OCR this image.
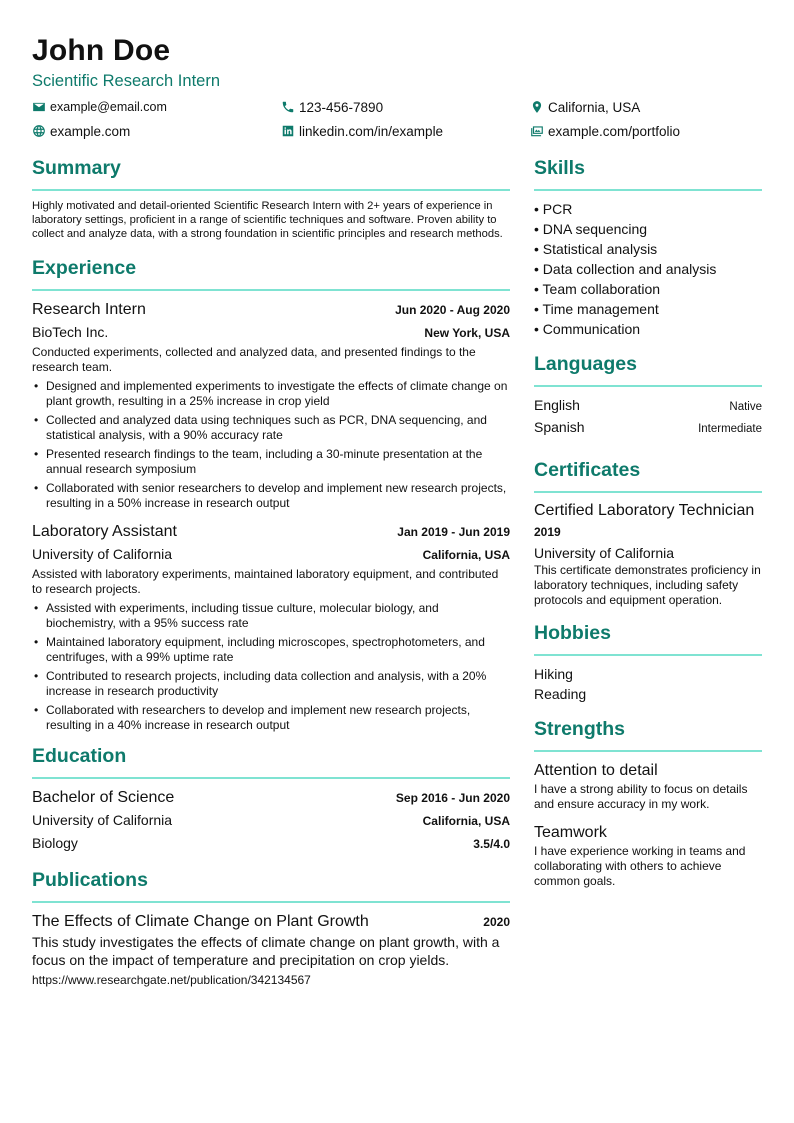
John Doe
Scientific Research Intern
example@email.com	123-456-7890	California, USA
example.com	linkedin.com/in/example	example.com/portfolio
Summary

Highly motivated and detail-oriented Scientific Research Intern with 2+ years of experience in laboratory settings, proficient in a range of scientific techniques and software. Proven ability to collect and analyze data, with a strong foundation in scientific principles and research methods.

Experience
Research Intern	Jun 2020 - Aug 2020
BioTech Inc.	New York, USA
Conducted experiments, collected and analyzed data, and presented findings to the research team.
• Designed and implemented experiments to investigate the effects of climate change on plant growth, resulting in a 25% increase in crop yield
• Collected and analyzed data using techniques such as PCR, DNA sequencing, and statistical analysis, with a 90% accuracy rate
• Presented research findings to the team, including a 30-minute presentation at the annual research symposium
• Collaborated with senior researchers to develop and implement new research projects, resulting in a 50% increase in research output
Laboratory Assistant	Jan 2019 - Jun 2019
University of California	California, USA
Assisted with laboratory experiments, maintained laboratory equipment, and contributed to research projects.
• Assisted with experiments, including tissue culture, molecular biology, and biochemistry, with a 95% success rate
• Maintained laboratory equipment, including microscopes, spectrophotometers, and centrifuges, with a 99% uptime rate
• Contributed to research projects, including data collection and analysis, with a 20% increase in research productivity
• Collaborated with researchers to develop and implement new research projects, resulting in a 40% increase in research output
Education
Bachelor of Science	Sep 2016 - Jun 2020
University of California	California, USA
Biology	3.5/4.0
Publications
The Effects of Climate Change on Plant Growth	2020
This study investigates the effects of climate change on plant growth, with a focus on the impact of temperature and precipitation on crop yields.
https://www.researchgate.net/publication/342134567
Skills
• PCR
• DNA sequencing
• Statistical analysis
• Data collection and analysis
• Team collaboration
• Time management
• Communication
Languages
English	Native
Spanish	Intermediate
Certificates
Certified Laboratory Technician
2019
University of California
This certificate demonstrates proficiency in laboratory techniques, including safety protocols and equipment operation.
Hobbies
Hiking
Reading
Strengths
Attention to detail
I have a strong ability to focus on details and ensure accuracy in my work.
Teamwork
I have experience working in teams and collaborating with others to achieve common goals.
